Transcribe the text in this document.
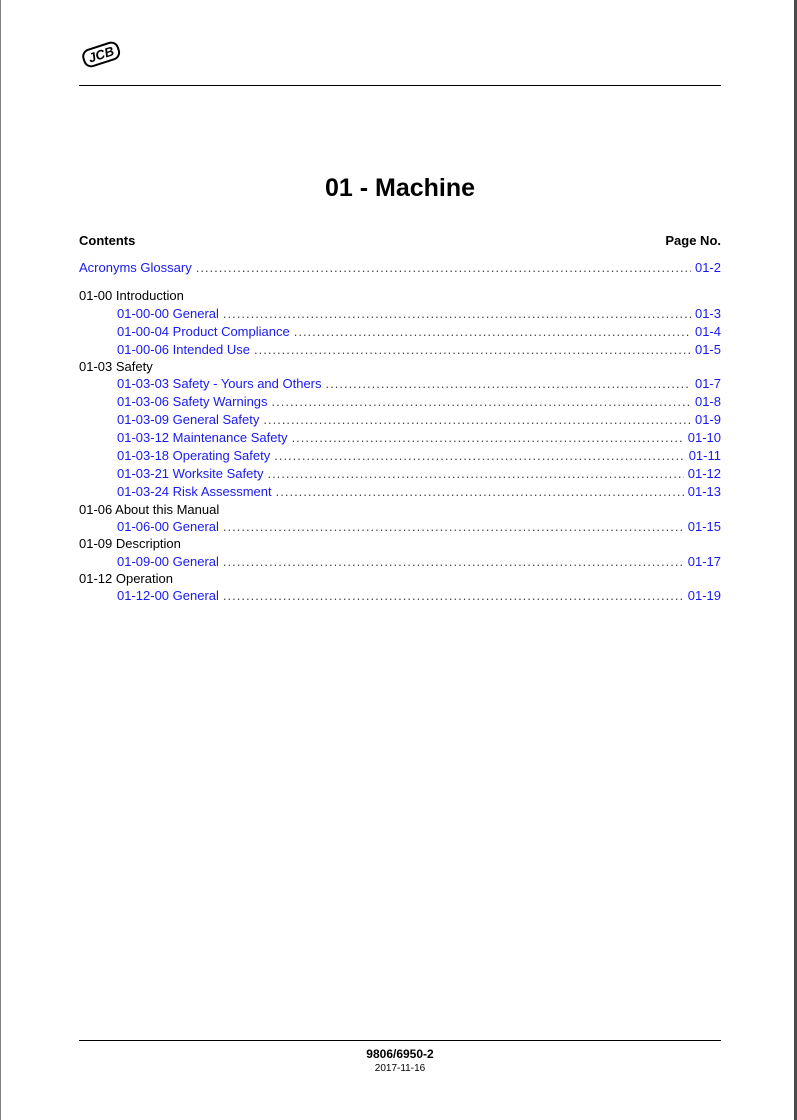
JCB
01 - Machine
Contents	Page No.
Acronyms Glossary .....	01-2
01-00 Introduction
01-00-00 General .....	01-3
01-00-04 Product Compliance .....	01-4
01-00-06 Intended Use .....	01-5
01-03 Safety
01-03-03 Safety - Yours and Others .....	01-7
01-03-06 Safety Warnings .....	01-8
01-03-09 General Safety .....	01-9
01-03-12 Maintenance Safety .....	01-10
01-03-18 Operating Safety .....	01-11
01-03-21 Worksite Safety .....	01-12
01-03-24 Risk Assessment .....	01-13
01-06 About this Manual
01-06-00 General .....	01-15
01-09 Description
01-09-00 General .....	01-17
01-12 Operation
01-12-00 General .....	01-19
9806/6950-2
2017-11-16
